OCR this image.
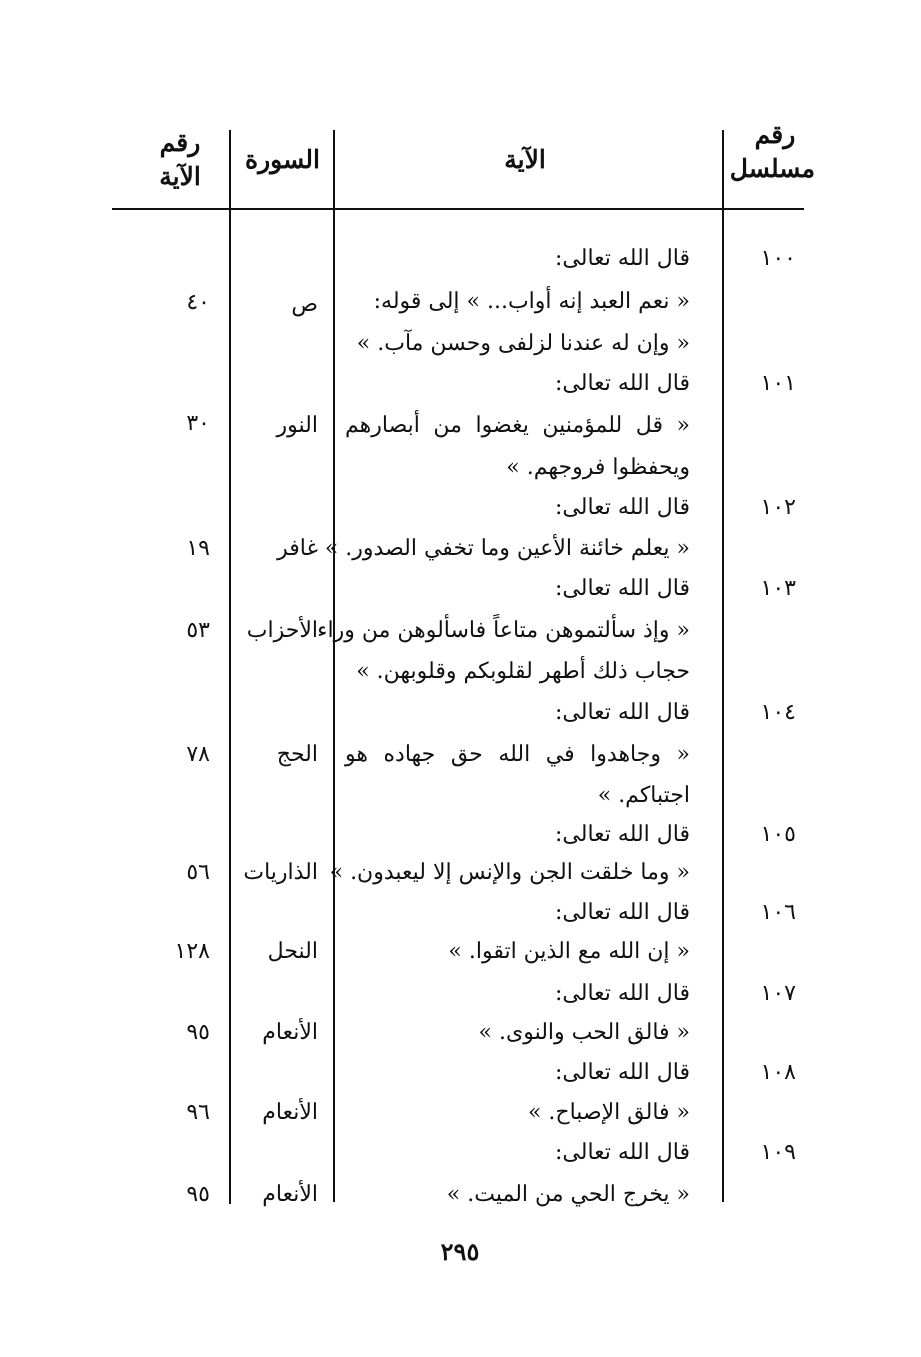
رقم مسلسل
الآية
السورة
رقم الآية
١٠٠
قال الله تعالى:
« نعم العبد إنه أواب... » إلى قوله:
ص
٤٠
« وإن له عندنا لزلفى وحسن مآب. »
١٠١
قال الله تعالى:
« قل للمؤمنين يغضوا من أبصارهم
النور
٣٠
ويحفظوا فروجهم. »
١٠٢
قال الله تعالى:
« يعلم خائنة الأعين وما تخفي الصدور. »
غافر
١٩
١٠٣
قال الله تعالى:
« وإذ سألتموهن متاعاً فاسألوهن من وراء
الأحزاب
٥٣
حجاب ذلك أطهر لقلوبكم وقلوبهن. »
١٠٤
قال الله تعالى:
« وجاهدوا في الله حق جهاده هو
الحج
٧٨
اجتباكم. »
١٠٥
قال الله تعالى:
« وما خلقت الجن والإنس إلا ليعبدون. »
الذاريات
٥٦
١٠٦
قال الله تعالى:
« إن الله مع الذين اتقوا. »
النحل
١٢٨
١٠٧
قال الله تعالى:
« فالق الحب والنوى. »
الأنعام
٩٥
١٠٨
قال الله تعالى:
« فالق الإصباح. »
الأنعام
٩٦
١٠٩
قال الله تعالى:
« يخرج الحي من الميت. »
الأنعام
٩٥
٢٩٥
